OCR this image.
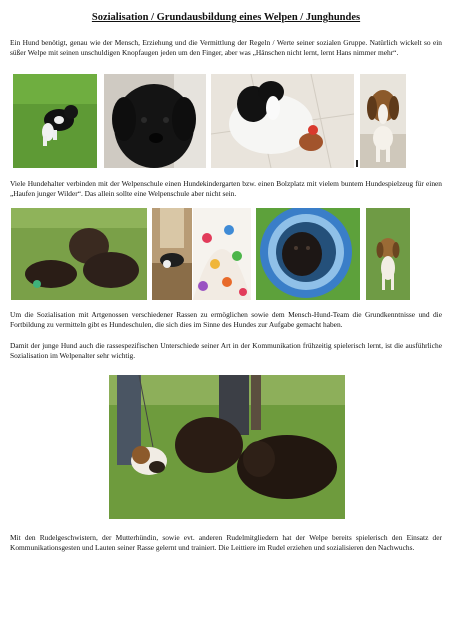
Sozialisation / Grundausbildung eines Welpen / Junghundes
Ein Hund benötigt, genau wie der Mensch, Erziehung und die Vermittlung der Regeln / Werte seiner sozialen Gruppe. Natürlich wickelt so ein süßer Welpe mit seinen unschuldigen Knopfaugen jeden um den Finger, aber was „Hänschen nicht lernt, lernt Hans nimmer mehr“.
Viele Hundehalter verbinden mit der Welpenschule einen Hundekindergarten bzw. einen Bolzplatz mit vielem buntem Hundespielzeug für einen „Haufen junger Wilder“. Das allein sollte eine Welpenschule aber nicht sein.
Um die Sozialisation mit Artgenossen verschiedener Rassen zu ermöglichen sowie dem Mensch-Hund-Team die Grundkenntnisse und die Fortbildung zu vermitteln gibt es Hundeschulen, die sich dies im Sinne des Hundes zur Aufgabe gemacht haben.
Damit der junge Hund auch die rassespezifischen Unterschiede seiner Art in der Kommunikation frühzeitig spielerisch lernt, ist die ausführliche Sozialisation im Welpenalter sehr wichtig.
Mit den Rudelgeschwistern, der Mutterhündin, sowie evt. anderen Rudelmitgliedern hat der Welpe bereits spielerisch den Einsatz der Kommunikationsgesten und Lauten seiner Rasse gelernt und trainiert. Die Leittiere im Rudel erziehen und sozialisieren den Nachwuchs.
